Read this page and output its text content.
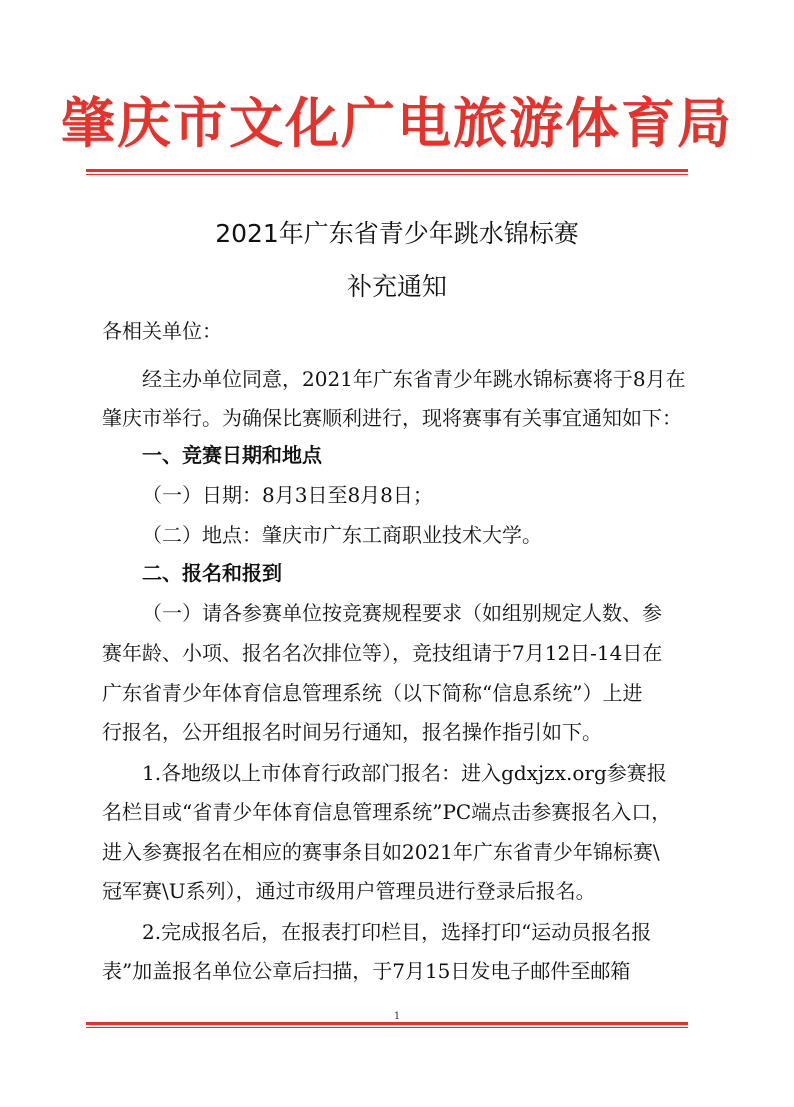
肇庆市文化广电旅游体育局
2021年广东省青少年跳水锦标赛
补充通知
各相关单位：
经主办单位同意，2021年广东省青少年跳水锦标赛将于8月在
肇庆市举行。为确保比赛顺利进行，现将赛事有关事宜通知如下：
一、竞赛日期和地点
（一）日期：8月3日至8月8日；
（二）地点：肇庆市广东工商职业技术大学。
二、报名和报到
（一）请各参赛单位按竞赛规程要求（如组别规定人数、参
赛年龄、小项、报名名次排位等），竞技组请于7月12日-14日在
广东省青少年体育信息管理系统（以下简称“信息系统”）上进
行报名，公开组报名时间另行通知，报名操作指引如下。
1.各地级以上市体育行政部门报名：进入gdxjzx.org参赛报
名栏目或“省青少年体育信息管理系统”PC端点击参赛报名入口，
进入参赛报名在相应的赛事条目如2021年广东省青少年锦标赛\
冠军赛\U系列），通过市级用户管理员进行登录后报名。
2.完成报名后，在报表打印栏目，选择打印“运动员报名报
表”加盖报名单位公章后扫描，于7月15日发电子邮件至邮箱
1
